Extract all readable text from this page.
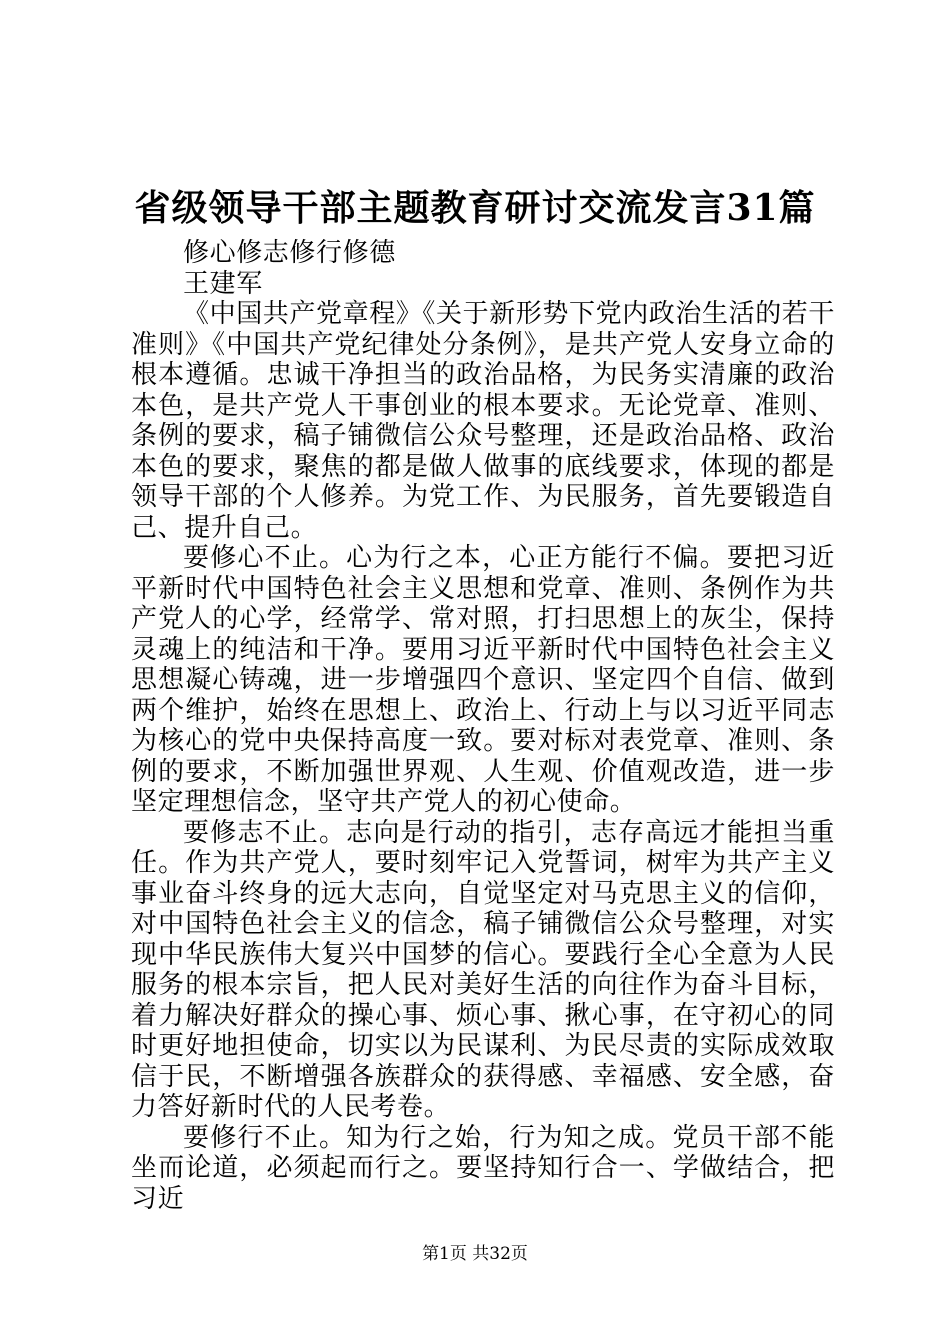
省级领导干部主题教育研讨交流发言31篇

修心修志修行修德

王建军

《中国共产党章程》《关于新形势下党内政治生活的若干准则》《中国共产党纪律处分条例》，是共产党人安身立命的根本遵循。忠诚干净担当的政治品格，为民务实清廉的政治本色，是共产党人干事创业的根本要求。无论党章、准则、条例的要求，稿子铺微信公众号整理，还是政治品格、政治本色的要求，聚焦的都是做人做事的底线要求，体现的都是领导干部的个人修养。为党工作、为民服务，首先要锻造自己、提升自己。

要修心不止。心为行之本，心正方能行不偏。要把习近平新时代中国特色社会主义思想和党章、准则、条例作为共产党人的心学，经常学、常对照，打扫思想上的灰尘，保持灵魂上的纯洁和干净。要用习近平新时代中国特色社会主义思想凝心铸魂，进一步增强四个意识、坚定四个自信、做到两个维护，始终在思想上、政治上、行动上与以习近平同志为核心的党中央保持高度一致。要对标对表党章、准则、条例的要求，不断加强世界观、人生观、价值观改造，进一步坚定理想信念，坚守共产党人的初心使命。

要修志不止。志向是行动的指引，志存高远才能担当重任。作为共产党人，要时刻牢记入党誓词，树牢为共产主义事业奋斗终身的远大志向，自觉坚定对马克思主义的信仰，对中国特色社会主义的信念，稿子铺微信公众号整理，对实现中华民族伟大复兴中国梦的信心。要践行全心全意为人民服务的根本宗旨，把人民对美好生活的向往作为奋斗目标，着力解决好群众的操心事、烦心事、揪心事，在守初心的同时更好地担使命，切实以为民谋利、为民尽责的实际成效取信于民，不断增强各族群众的获得感、幸福感、安全感，奋力答好新时代的人民考卷。

要修行不止。知为行之始，行为知之成。党员干部不能坐而论道，必须起而行之。要坚持知行合一、学做结合，把习近

第1页 共32页
